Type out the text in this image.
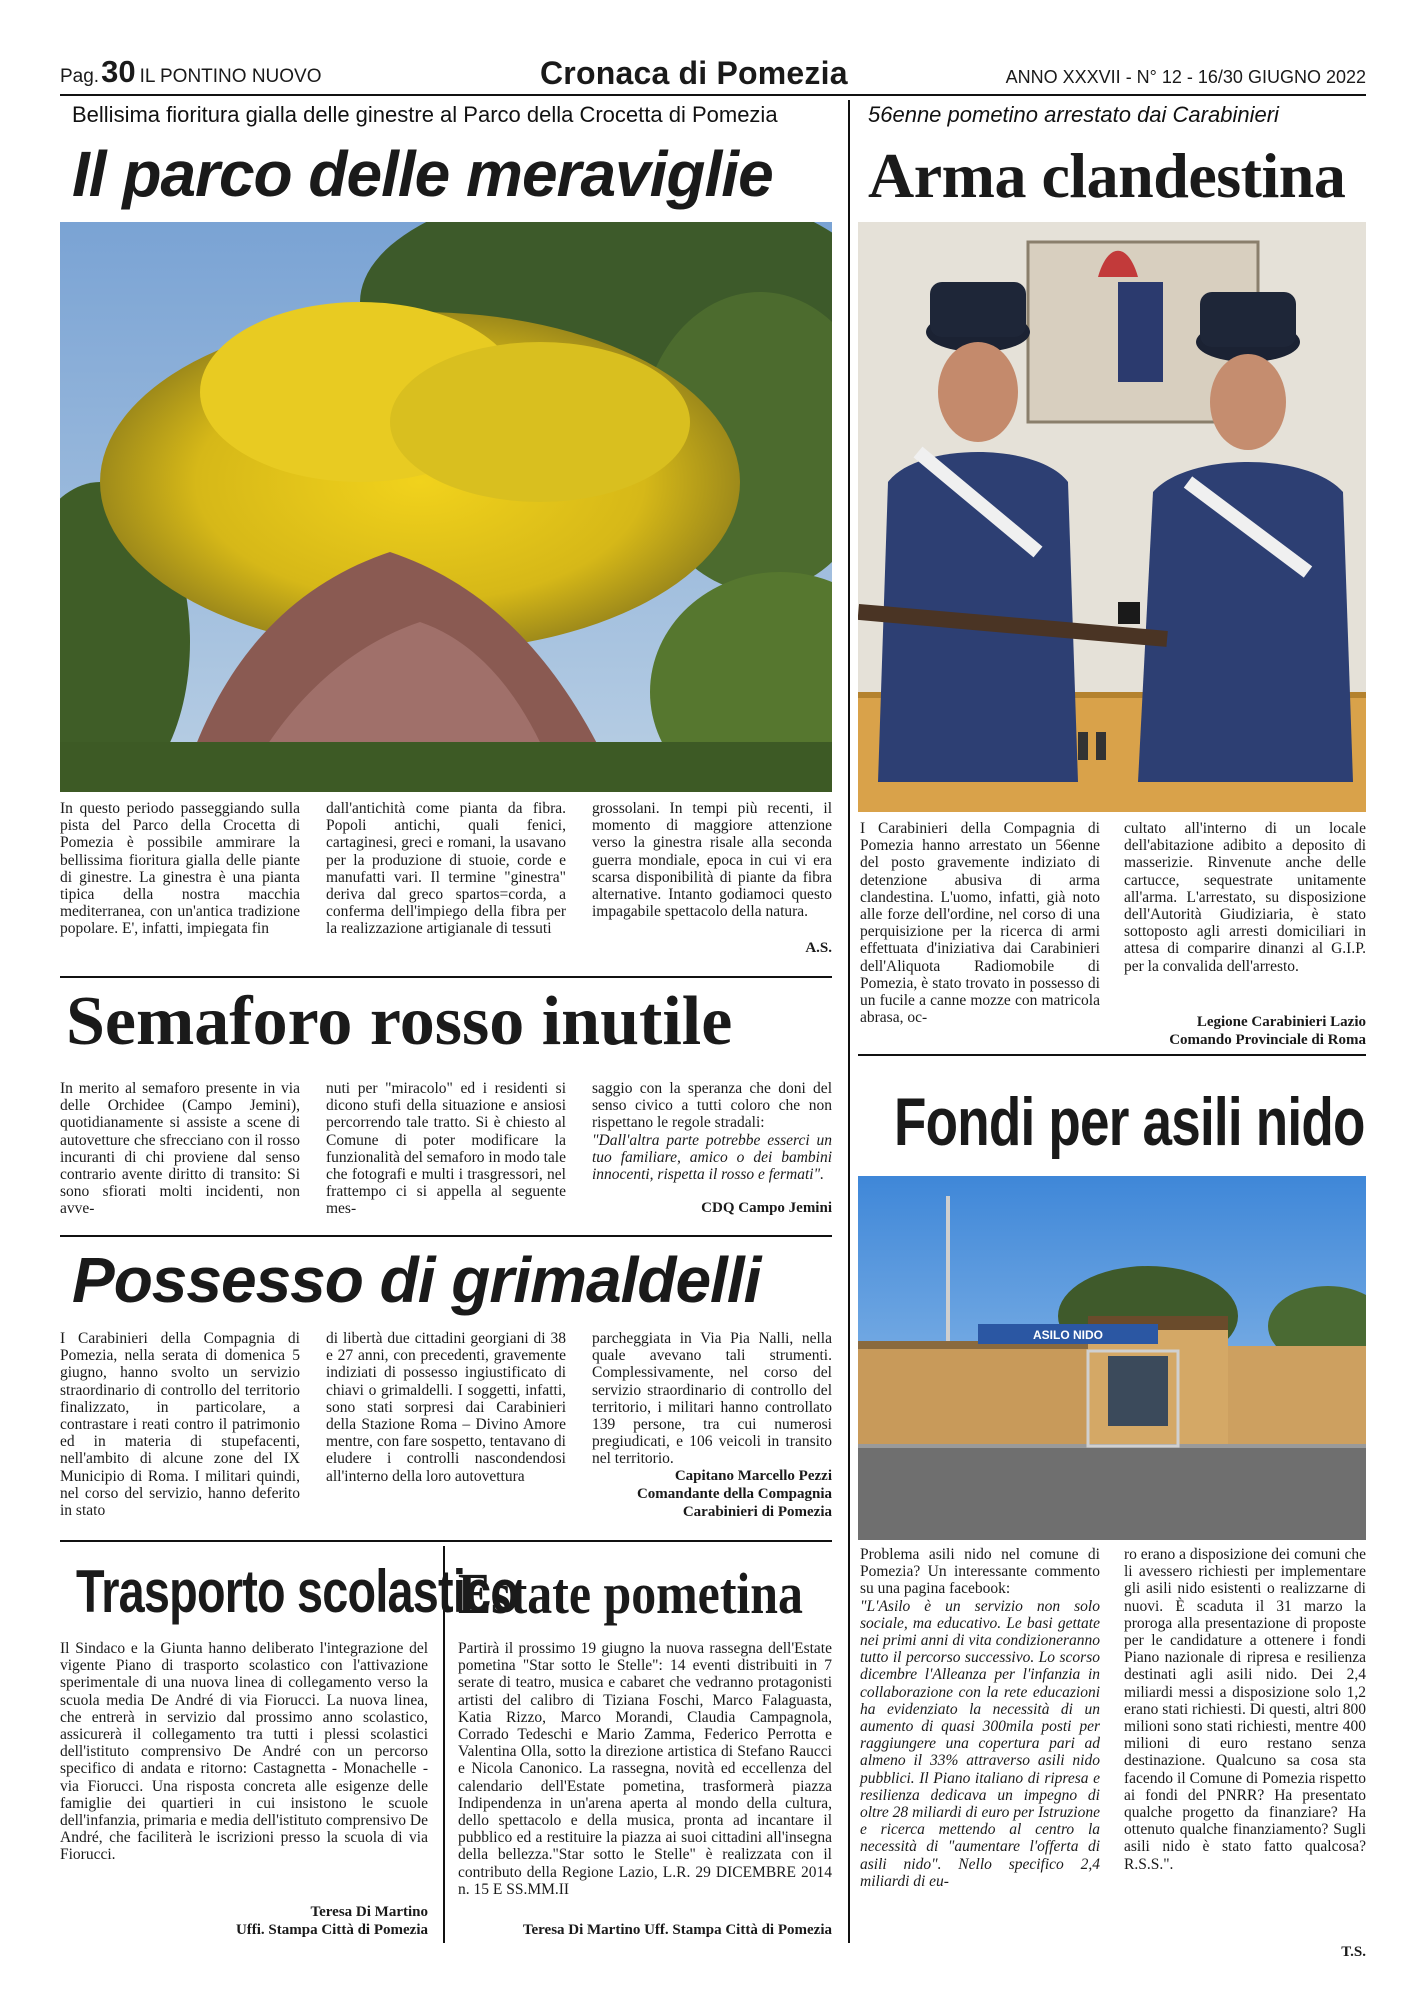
Pag.30 IL PONTINO NUOVO	Cronaca di Pomezia	ANNO XXXVII - N° 12 - 16/30 GIUGNO 2022
Bellisima fioritura gialla delle ginestre al Parco della Crocetta di Pomezia
Il parco delle meraviglie
In questo periodo passeggiando sulla pista del Parco della Crocetta di Pomezia è possibile ammirare la bellissima fioritura gialla delle piante di ginestre. La ginestra è una pianta tipica della nostra macchia mediterranea, con un'antica tradizione popolare. E', infatti, impiegata fin
dall'antichità come pianta da fibra. Popoli antichi, quali fenici, cartaginesi, greci e romani, la usavano per la produzione di stuoie, corde e manufatti vari. Il termine "ginestra" deriva dal greco spartos=corda, a conferma dell'impiego della fibra per la realizzazione artigianale di tessuti
grossolani. In tempi più recenti, il momento di maggiore attenzione verso la ginestra risale alla seconda guerra mondiale, epoca in cui vi era scarsa disponibilità di piante da fibra alternative. Intanto godiamoci questo impagabile spettacolo della natura.
A.S.
56enne pometino arrestato dai Carabinieri
Arma clandestina
I Carabinieri della Compagnia di Pomezia hanno arrestato un 56enne del posto gravemente indiziato di detenzione abusiva di arma clandestina. L'uomo, infatti, già noto alle forze dell'ordine, nel corso di una perquisizione per la ricerca di armi effettuata d'iniziativa dai Carabinieri dell'Aliquota Radiomobile di Pomezia, è stato trovato in possesso di un fucile a canne mozze con matricola abrasa, oc-
cultato all'interno di un locale dell'abitazione adibito a deposito di masserizie. Rinvenute anche delle cartucce, sequestrate unitamente all'arma. L'arrestato, su disposizione dell'Autorità Giudiziaria, è stato sottoposto agli arresti domiciliari in attesa di comparire dinanzi al G.I.P. per la convalida dell'arresto.
Legione Carabinieri Lazio
Comando Provinciale di Roma
Semaforo rosso inutile
In merito al semaforo presente in via delle Orchidee (Campo Jemini), quotidianamente si assiste a scene di autovetture che sfrecciano con il rosso incuranti di chi proviene dal senso contrario avente diritto di transito: Si sono sfiorati molti incidenti, non avve-
nuti per "miracolo" ed i residenti si dicono stufi della situazione e ansiosi percorrendo tale tratto. Si è chiesto al Comune di poter modificare la funzionalità del semaforo in modo tale che fotografi e multi i trasgressori, nel frattempo ci si appella al seguente mes-

saggio con la speranza che doni del senso civico a tutti coloro che non rispettano le regole stradali:

"Dall'altra parte potrebbe esserci un tuo familiare, amico o dei bambini innocenti, rispetta il rosso e fermati".

CDQ Campo Jemini
Fondi per asili nido
ASILO NIDO

Problema asili nido nel comune di Pomezia? Un interessante commento su una pagina facebook:

"L'Asilo è un servizio non solo sociale, ma educativo. Le basi gettate nei primi anni di vita condizioneranno tutto il percorso successivo. Lo scorso dicembre l'Alleanza per l'infanzia in collaborazione con la rete educazioni ha evidenziato la necessità di un aumento di quasi 300mila posti per raggiungere una copertura pari ad almeno il 33% attraverso asili nido pubblici. Il Piano italiano di ripresa e resilienza dedicava un impegno di oltre 28 miliardi di euro per Istruzione e ricerca mettendo al centro la necessità di "aumentare l'offerta di asili nido". Nello specifico 2,4 miliardi di eu-

ro erano a disposizione dei comuni che li avessero richiesti per implementare gli asili nido esistenti o realizzarne di nuovi. È scaduta il 31 marzo la proroga alla presentazione di proposte per le candidature a ottenere i fondi Piano nazionale di ripresa e resilienza destinati agli asili nido. Dei 2,4 miliardi messi a disposizione solo 1,2 erano stati richiesti. Di questi, altri 800 milioni sono stati richiesti, mentre 400 milioni di euro restano senza destinazione. Qualcuno sa cosa sta facendo il Comune di Pomezia rispetto ai fondi del PNRR? Ha presentato qualche progetto da finanziare? Ha ottenuto qualche finanziamento? Sugli asili nido è stato fatto qualcosa? R.S.S.".
T.S.
Possesso di grimaldelli
I Carabinieri della Compagnia di Pomezia, nella serata di domenica 5 giugno, hanno svolto un servizio straordinario di controllo del territorio finalizzato, in particolare, a contrastare i reati contro il patrimonio ed in materia di stupefacenti, nell'ambito di alcune zone del IX Municipio di Roma. I militari quindi, nel corso del servizio, hanno deferito in stato
di libertà due cittadini georgiani di 38 e 27 anni, con precedenti, gravemente indiziati di possesso ingiustificato di chiavi o grimaldelli. I soggetti, infatti, sono stati sorpresi dai Carabinieri della Stazione Roma – Divino Amore mentre, con fare sospetto, tentavano di eludere i controlli nascondendosi all'interno della loro autovettura
parcheggiata in Via Pia Nalli, nella quale avevano tali strumenti. Complessivamente, nel corso del servizio straordinario di controllo del territorio, i militari hanno controllato 139 persone, tra cui numerosi pregiudicati, e 106 veicoli in transito nel territorio.
Capitano Marcello Pezzi
Comandante della Compagnia
Carabinieri di Pomezia
Trasporto scolastico
Il Sindaco e la Giunta hanno deliberato l'integrazione del vigente Piano di trasporto scolastico con l'attivazione sperimentale di una nuova linea di collegamento verso la scuola media De André di via Fiorucci. La nuova linea, che entrerà in servizio dal prossimo anno scolastico, assicurerà il collegamento tra tutti i plessi scolastici dell'istituto comprensivo De André con un percorso specifico di andata e ritorno: Castagnetta - Monachelle - via Fiorucci. Una risposta concreta alle esigenze delle famiglie dei quartieri in cui insistono le scuole dell'infanzia, primaria e media dell'istituto comprensivo De André, che faciliterà le iscrizioni presso la scuola di via Fiorucci.
Teresa Di Martino
Uffi. Stampa Città di Pomezia
Estate pometina
Partirà il prossimo 19 giugno la nuova rassegna dell'Estate pometina "Star sotto le Stelle": 14 eventi distribuiti in 7 serate di teatro, musica e cabaret che vedranno protagonisti artisti del calibro di Tiziana Foschi, Marco Falaguasta, Katia Rizzo, Marco Morandi, Claudia Campagnola, Corrado Tedeschi e Mario Zamma, Federico Perrotta e Valentina Olla, sotto la direzione artistica di Stefano Raucci e Nicola Canonico. La rassegna, novità ed eccellenza del calendario dell'Estate pometina, trasformerà piazza Indipendenza in un'arena aperta al mondo della cultura, dello spettacolo e della musica, pronta ad incantare il pubblico ed a restituire la piazza ai suoi cittadini all'insegna della bellezza."Star sotto le Stelle" è realizzata con il contributo della Regione Lazio, L.R. 29 DICEMBRE 2014 n. 15 E SS.MM.II
Teresa Di Martino Uff. Stampa Città di Pomezia
